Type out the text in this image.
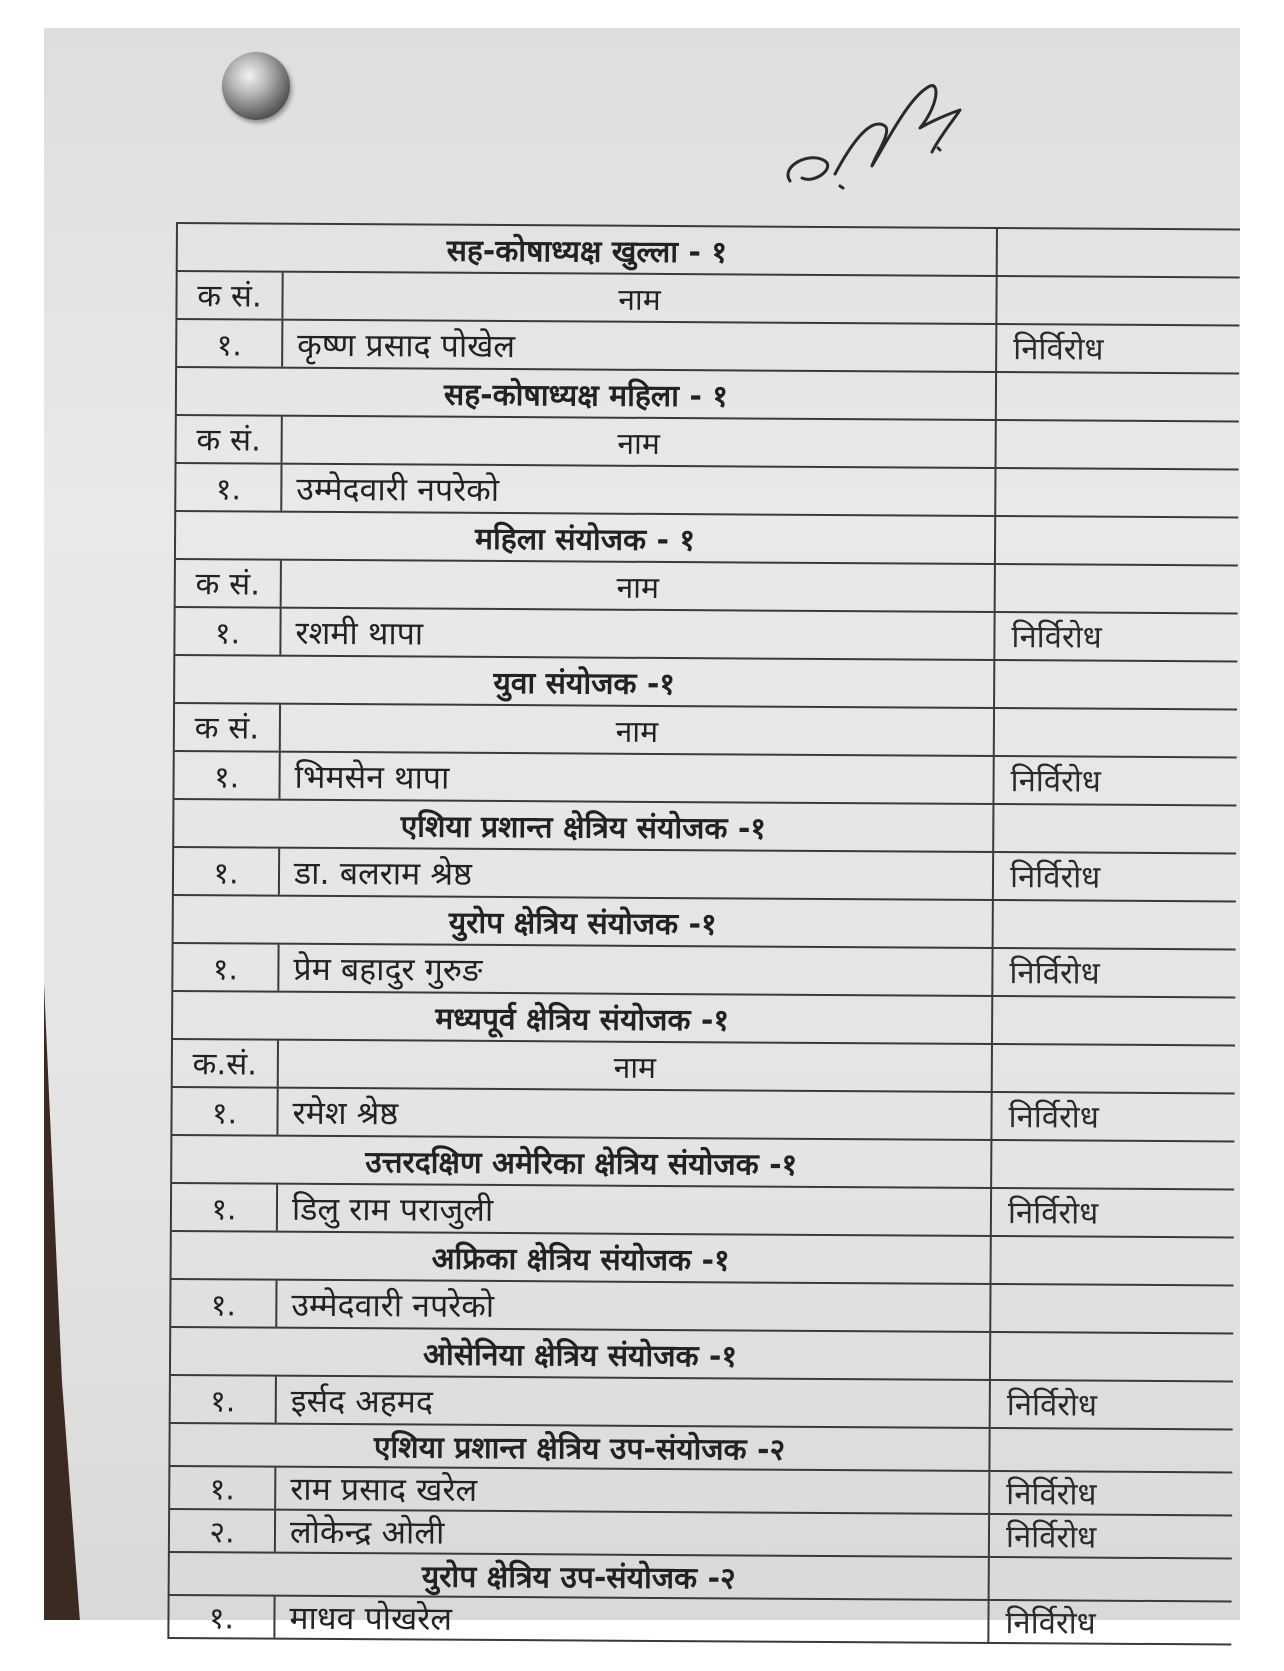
सह-कोषाध्यक्ष खुल्ला - १
क सं.	नाम
१.	कृष्ण प्रसाद पोखेल	निर्विरोध
सह-कोषाध्यक्ष महिला - १
क सं.	नाम
१.	उम्मेदवारी नपरेको
महिला संयोजक - १
क सं.	नाम
१.	रशमी थापा	निर्विरोध
युवा संयोजक -१
क सं.	नाम
१.	भिमसेन थापा	निर्विरोध
एशिया प्रशान्त क्षेत्रिय संयोजक -१
१.	डा. बलराम श्रेष्ठ	निर्विरोध
युरोप क्षेत्रिय संयोजक -१
१.	प्रेम बहादुर गुरुङ	निर्विरोध
मध्यपूर्व क्षेत्रिय संयोजक -१
क.सं.	नाम
१.	रमेश श्रेष्ठ	निर्विरोध
उत्तरदक्षिण अमेरिका क्षेत्रिय संयोजक -१
१.	डिलु राम पराजुली	निर्विरोध
अफ्रिका क्षेत्रिय संयोजक -१
१.	उम्मेदवारी नपरेको
ओसेनिया क्षेत्रिय संयोजक -१
१.	इर्सद अहमद	निर्विरोध
एशिया प्रशान्त क्षेत्रिय उप-संयोजक -२
१.	राम प्रसाद खरेल	निर्विरोध
२.	लोकेन्द्र ओली	निर्विरोध
युरोप क्षेत्रिय उप-संयोजक -२
१.	माधव पोखरेल	निर्विरोध
